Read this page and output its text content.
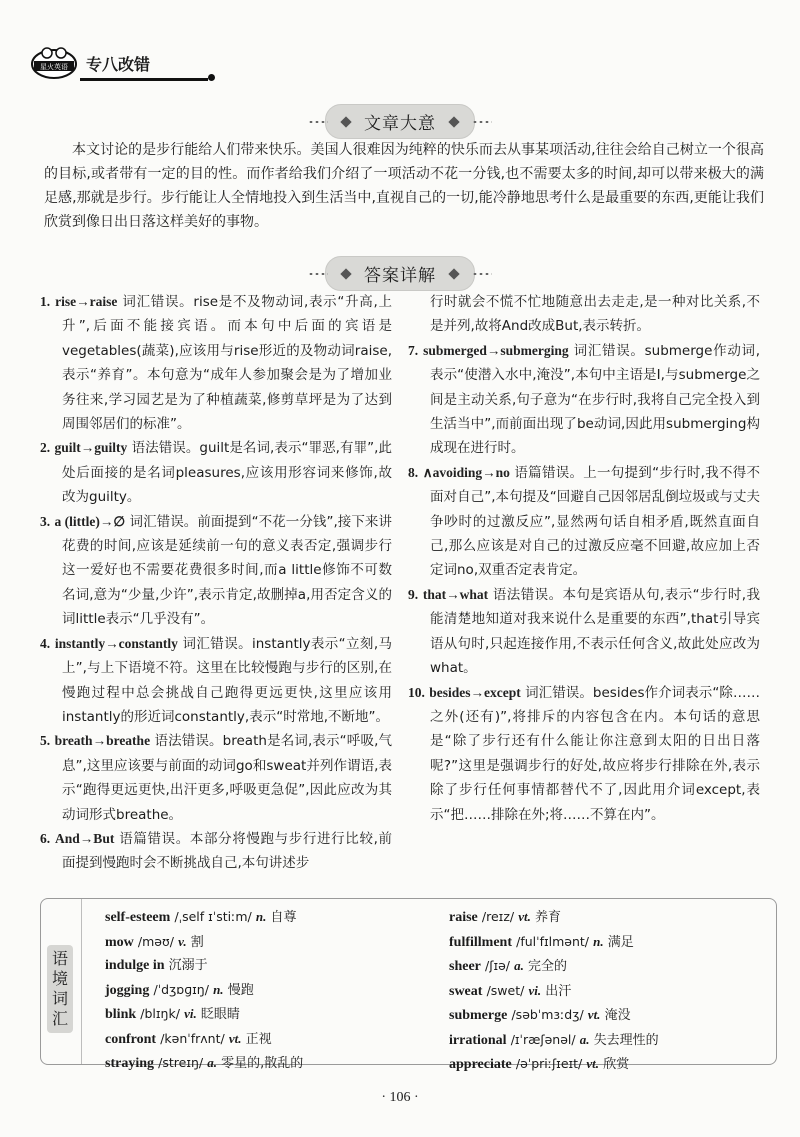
星火英语 专八改错
文章大意
本文讨论的是步行能给人们带来快乐。美国人很难因为纯粹的快乐而去从事某项活动,往往会给自己树立一个很高的目标,或者带有一定的目的性。而作者给我们介绍了一项活动不花一分钱,也不需要太多的时间,却可以带来极大的满足感,那就是步行。步行能让人全情地投入到生活当中,直视自己的一切,能冷静地思考什么是最重要的东西,更能让我们欣赏到像日出日落这样美好的事物。
答案详解
1. rise→raise 词汇错误。rise是不及物动词,表示“升高,上升”,后面不能接宾语。而本句中后面的宾语是vegetables(蔬菜),应该用与rise形近的及物动词raise,表示“养育”。本句意为“成年人参加聚会是为了增加业务往来,学习园艺是为了种植蔬菜,修剪草坪是为了达到周围邻居们的标准”。
2. guilt→guilty 语法错误。guilt是名词,表示“罪恶,有罪”,此处后面接的是名词pleasures,应该用形容词来修饰,故改为guilty。
3. a (little)→∅ 词汇错误。前面提到“不花一分钱”,接下来讲花费的时间,应该是延续前一句的意义表否定,强调步行这一爱好也不需要花费很多时间,而a little修饰不可数名词,意为“少量,少许”,表示肯定,故删掉a,用否定含义的词little表示“几乎没有”。
4. instantly→constantly 词汇错误。instantly表示“立刻,马上”,与上下语境不符。这里在比较慢跑与步行的区别,在慢跑过程中总会挑战自己跑得更远更快,这里应该用instantly的形近词constantly,表示“时常地,不断地”。
5. breath→breathe 语法错误。breath是名词,表示“呼吸,气息”,这里应该要与前面的动词go和sweat并列作谓语,表示“跑得更远更快,出汗更多,呼吸更急促”,因此应改为其动词形式breathe。
6. And→But 语篇错误。本部分将慢跑与步行进行比较,前面提到慢跑时会不断挑战自己,本句讲述步
行时就会不慌不忙地随意出去走走,是一种对比关系,不是并列,故将And改成But,表示转折。
7. submerged→submerging 词汇错误。submerge作动词,表示“使潜入水中,淹没”,本句中主语是I,与submerge之间是主动关系,句子意为“在步行时,我将自己完全投入到生活当中”,而前面出现了be动词,因此用submerging构成现在进行时。
8. ∧avoiding→no 语篇错误。上一句提到“步行时,我不得不面对自己”,本句提及“回避自己因邻居乱倒垃圾或与丈夫争吵时的过激反应”,显然两句话自相矛盾,既然直面自己,那么应该是对自己的过激反应毫不回避,故应加上否定词no,双重否定表肯定。
9. that→what 语法错误。本句是宾语从句,表示“步行时,我能清楚地知道对我来说什么是重要的东西”,that引导宾语从句时,只起连接作用,不表示任何含义,故此处应改为what。
10. besides→except 词汇错误。besides作介词表示“除……之外(还有)”,将排斥的内容包含在内。本句话的意思是“除了步行还有什么能让你注意到太阳的日出日落呢?”这里是强调步行的好处,故应将步行排除在外,表示除了步行任何事情都替代不了,因此用介词except,表示“把……排除在外;将……不算在内”。
语境词汇
self-esteem /ˌself ɪˈstiːm/ n. 自尊
mow /məʊ/ v. 割
indulge in 沉溺于
jogging /ˈdʒɒɡɪŋ/ n. 慢跑
blink /blɪŋk/ vi. 眨眼睛
confront /kənˈfrʌnt/ vt. 正视
straying /streɪŋ/ a. 零星的,散乱的
raise /reɪz/ vt. 养育
fulfillment /fulˈfɪlmənt/ n. 满足
sheer /ʃɪə/ a. 完全的
sweat /swet/ vi. 出汗
submerge /səbˈmɜːdʒ/ vt. 淹没
irrational /ɪˈræʃənəl/ a. 失去理性的
appreciate /əˈpriːʃɪeɪt/ vt. 欣赏
· 106 ·
